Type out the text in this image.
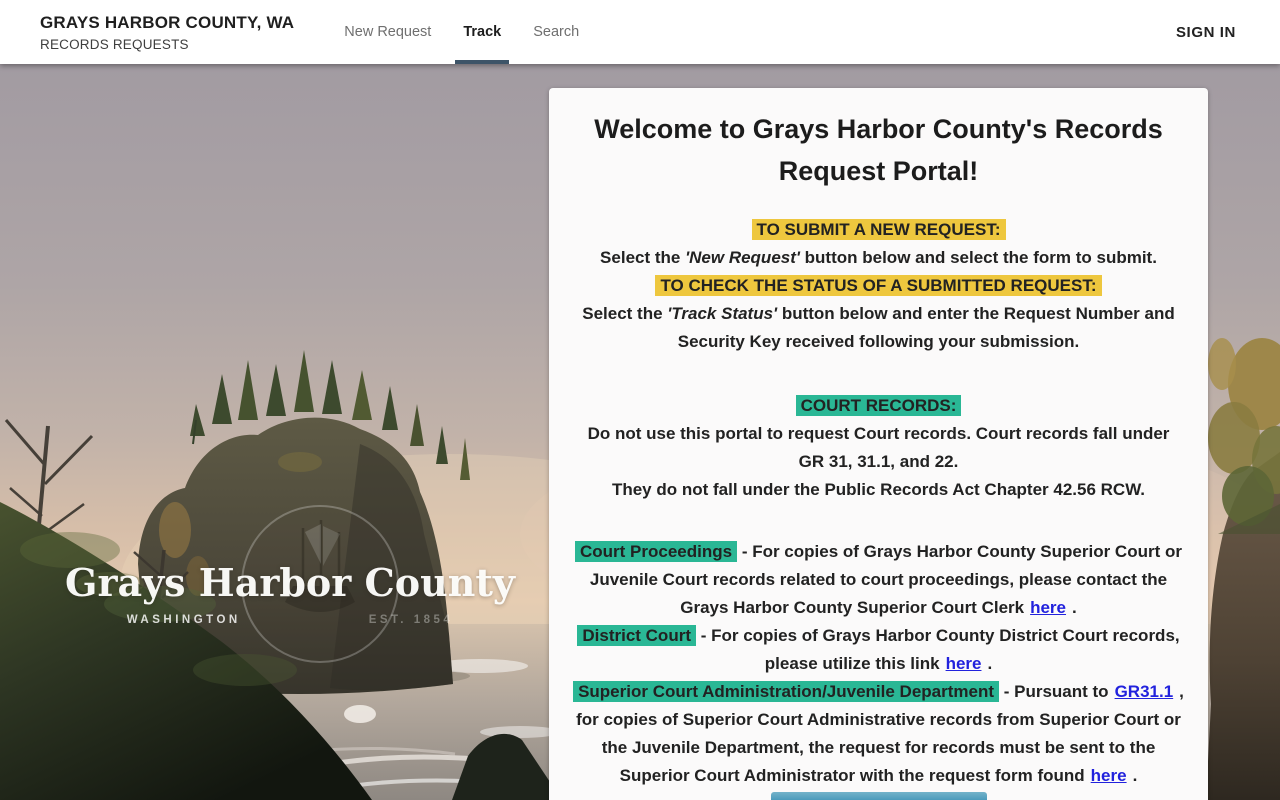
GRAYS HARBOR COUNTY, WA
RECORDS REQUESTS
New Request	Track	Search	SIGN IN
Grays Harbor County
WASHINGTON	EST. 1854
Welcome to Grays Harbor County's Records Request Portal!

TO SUBMIT A NEW REQUEST:

Select the 'New Request' button below and select the form to submit.

TO CHECK THE STATUS OF A SUBMITTED REQUEST:

Select the 'Track Status' button below and enter the Request Number and Security Key received following your submission.

COURT RECORDS:

Do not use this portal to request Court records. Court records fall under GR 31, 31.1, and 22.

They do not fall under the Public Records Act Chapter 42.56 RCW.

Court Proceedings - For copies of Grays Harbor County Superior Court or Juvenile Court records related to court proceedings, please contact the Grays Harbor County Superior Court Clerk here .

District Court - For copies of Grays Harbor County District Court records, please utilize this link here .

Superior Court Administration/Juvenile Department - Pursuant to GR31.1 , for copies of Superior Court Administrative records from Superior Court or the Juvenile Department, the request for records must be sent to the Superior Court Administrator with the request form found here .
